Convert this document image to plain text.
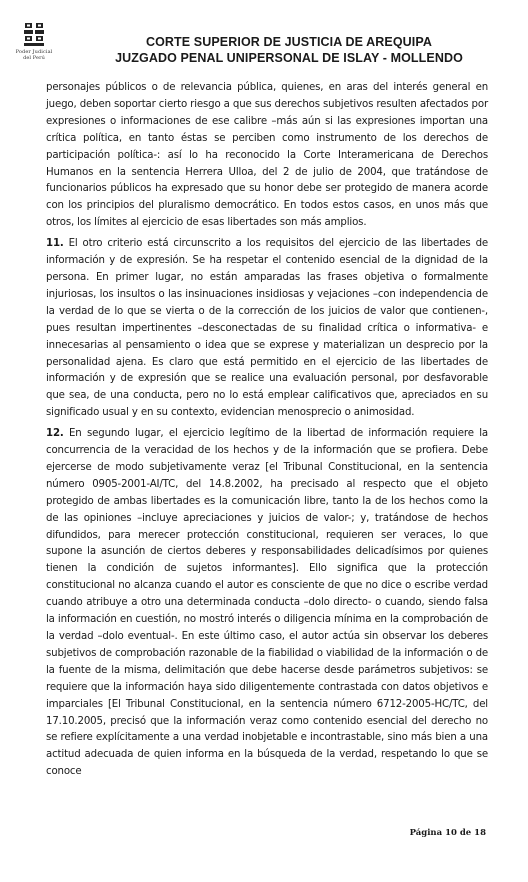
Poder Judicial
del Perú
CORTE SUPERIOR DE JUSTICIA DE AREQUIPA
JUZGADO PENAL UNIPERSONAL DE ISLAY - MOLLENDO

personajes públicos o de relevancia pública, quienes, en aras del interés general en juego, deben soportar cierto riesgo a que sus derechos subjetivos resulten afectados por expresiones o informaciones de ese calibre –más aún si las expresiones importan una crítica política, en tanto éstas se perciben como instrumento de los derechos de participación política-: así lo ha reconocido la Corte Interamericana de Derechos Humanos en la sentencia Herrera Ulloa, del 2 de julio de 2004, que tratándose de funcionarios públicos ha expresado que su honor debe ser protegido de manera acorde con los principios del pluralismo democrático. En todos estos casos, en unos más que otros, los límites al ejercicio de esas libertades son más amplios.

11. El otro criterio está circunscrito a los requisitos del ejercicio de las libertades de información y de expresión. Se ha respetar el contenido esencial de la dignidad de la persona. En primer lugar, no están amparadas las frases objetiva o formalmente injuriosas, los insultos o las insinuaciones insidiosas y vejaciones –con independencia de la verdad de lo que se vierta o de la corrección de los juicios de valor que contienen-, pues resultan impertinentes –desconectadas de su finalidad crítica o informativa- e innecesarias al pensamiento o idea que se exprese y materializan un desprecio por la personalidad ajena. Es claro que está permitido en el ejercicio de las libertades de información y de expresión que se realice una evaluación personal, por desfavorable que sea, de una conducta, pero no lo está emplear calificativos que, apreciados en su significado usual y en su contexto, evidencian menosprecio o animosidad.

12. En segundo lugar, el ejercicio legítimo de la libertad de información requiere la concurrencia de la veracidad de los hechos y de la información que se profiera. Debe ejercerse de modo subjetivamente veraz [el Tribunal Constitucional, en la sentencia número 0905-2001-AI/TC, del 14.8.2002, ha precisado al respecto que el objeto protegido de ambas libertades es la comunicación libre, tanto la de los hechos como la de las opiniones –incluye apreciaciones y juicios de valor-; y, tratándose de hechos difundidos, para merecer protección constitucional, requieren ser veraces, lo que supone la asunción de ciertos deberes y responsabilidades delicadísimos por quienes tienen la condición de sujetos informantes]. Ello significa que la protección constitucional no alcanza cuando el autor es consciente de que no dice o escribe verdad cuando atribuye a otro una determinada conducta –dolo directo- o cuando, siendo falsa la información en cuestión, no mostró interés o diligencia mínima en la comprobación de la verdad –dolo eventual-. En este último caso, el autor actúa sin observar los deberes subjetivos de comprobación razonable de la fiabilidad o viabilidad de la información o de la fuente de la misma, delimitación que debe hacerse desde parámetros subjetivos: se requiere que la información haya sido diligentemente contrastada con datos objetivos e imparciales [El Tribunal Constitucional, en la sentencia número 6712-2005-HC/TC, del 17.10.2005, precisó que la información veraz como contenido esencial del derecho no se refiere explícitamente a una verdad inobjetable e incontrastable, sino más bien a una actitud adecuada de quien informa en la búsqueda de la verdad, respetando lo que se conoce

Página 10 de 18
